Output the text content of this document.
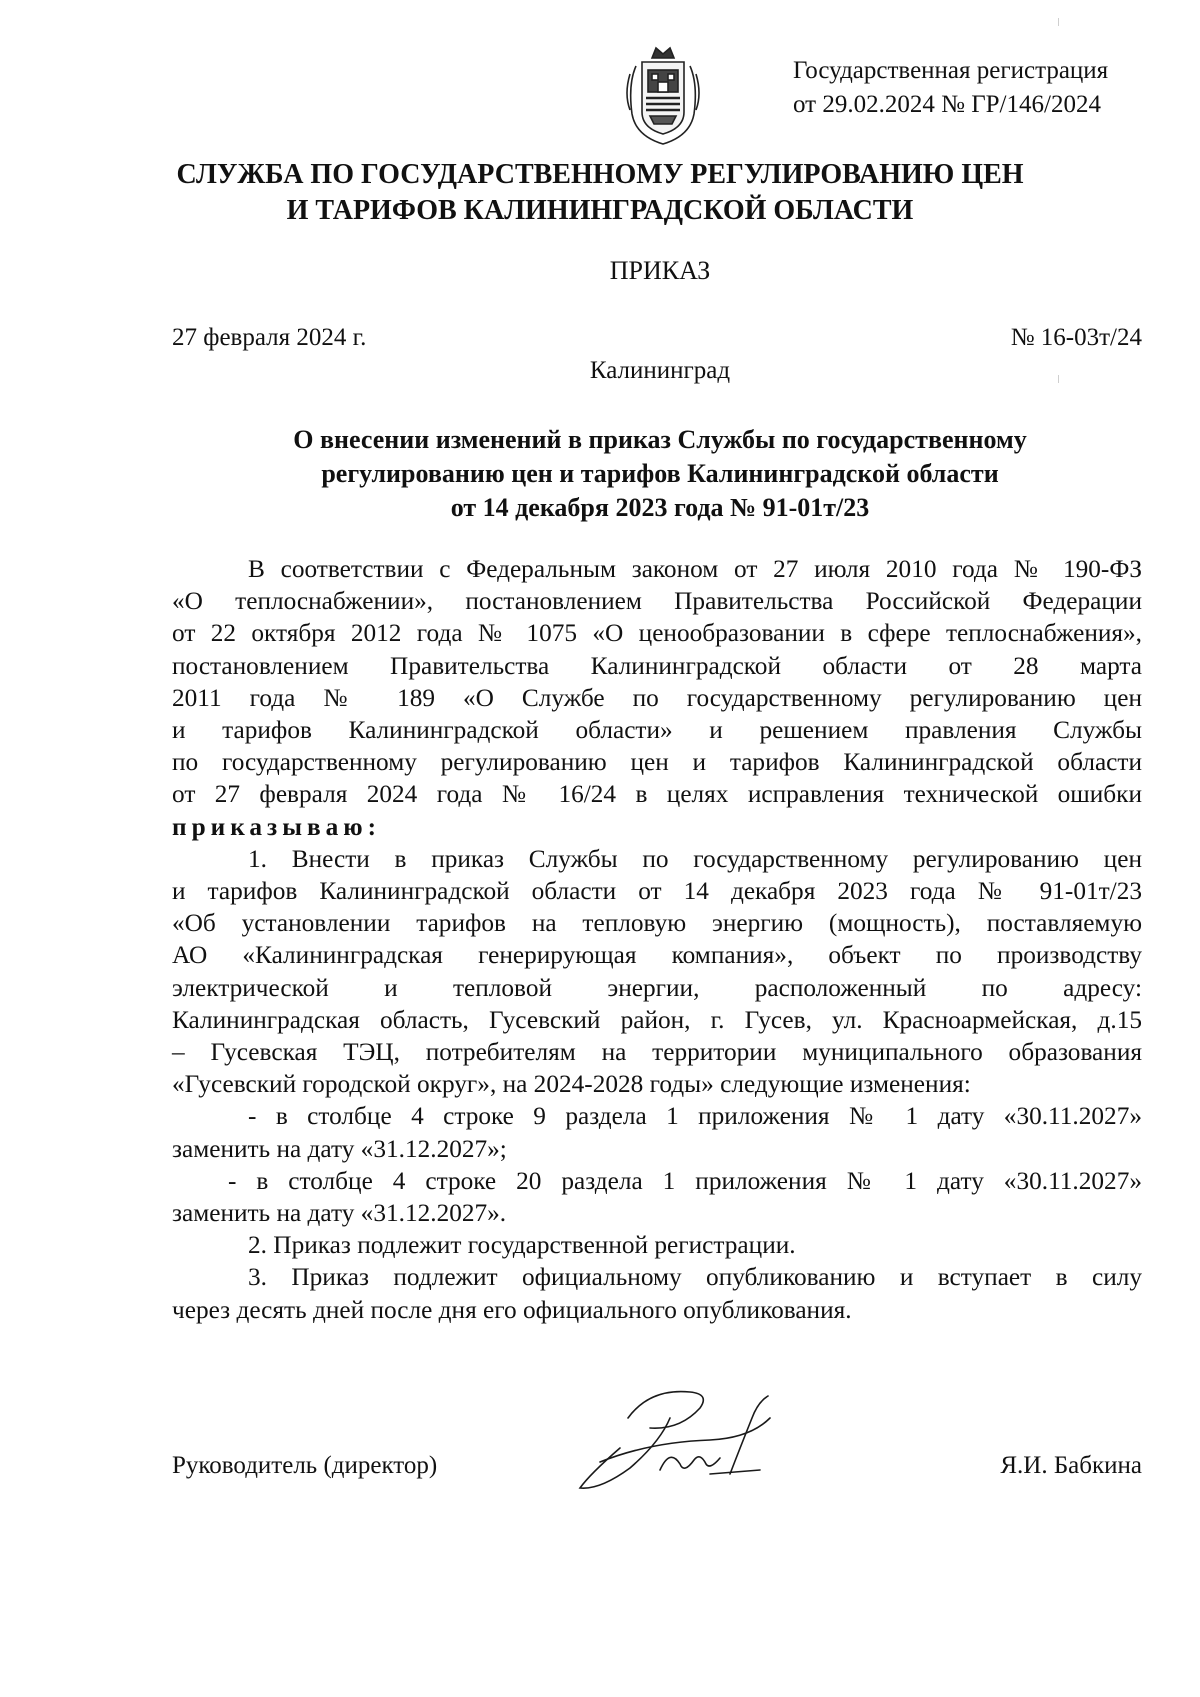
Государственная регистрация
от 29.02.2024 № ГР/146/2024
СЛУЖБА ПО ГОСУДАРСТВЕННОМУ РЕГУЛИРОВАНИЮ ЦЕН
И ТАРИФОВ КАЛИНИНГРАДСКОЙ ОБЛАСТИ
ПРИКАЗ
27 февраля 2024 г.	№ 16-03т/24
Калининград
О внесении изменений в приказ Службы по государственному
регулированию цен и тарифов Калининградской области
от 14 декабря 2023 года № 91-01т/23

В соответствии с Федеральным законом от 27 июля 2010 года № 190-ФЗ

«О теплоснабжении», постановлением Правительства Российской Федерации

от 22 октября 2012 года № 1075 «О ценообразовании в сфере теплоснабжения»,

постановлением Правительства Калининградской области от 28 марта

2011 года № 189 «О Службе по государственному регулированию цен

и тарифов Калининградской области» и решением правления Службы

по государственному регулированию цен и тарифов Калининградской области

от 27 февраля 2024 года № 16/24 в целях исправления технической ошибки

приказываю:

1. Внести в приказ Службы по государственному регулированию цен

и тарифов Калининградской области от 14 декабря 2023 года № 91-01т/23

«Об установлении тарифов на тепловую энергию (мощность), поставляемую

АО «Калининградская генерирующая компания», объект по производству

электрической и тепловой энергии, расположенный по адресу:

Калининградская область, Гусевский район, г. Гусев, ул. Красноармейская, д.15

– Гусевская ТЭЦ, потребителям на территории муниципального образования

«Гусевский городской округ», на 2024-2028 годы» следующие изменения:

- в столбце 4 строке 9 раздела 1 приложения № 1 дату «30.11.2027»

заменить на дату «31.12.2027»;

- в столбце 4 строке 20 раздела 1 приложения № 1 дату «30.11.2027»

заменить на дату «31.12.2027».

2. Приказ подлежит государственной регистрации.

3. Приказ подлежит официальному опубликованию и вступает в силу

через десять дней после дня его официального опубликования.

Руководитель (директор)	Я.И. Бабкина
